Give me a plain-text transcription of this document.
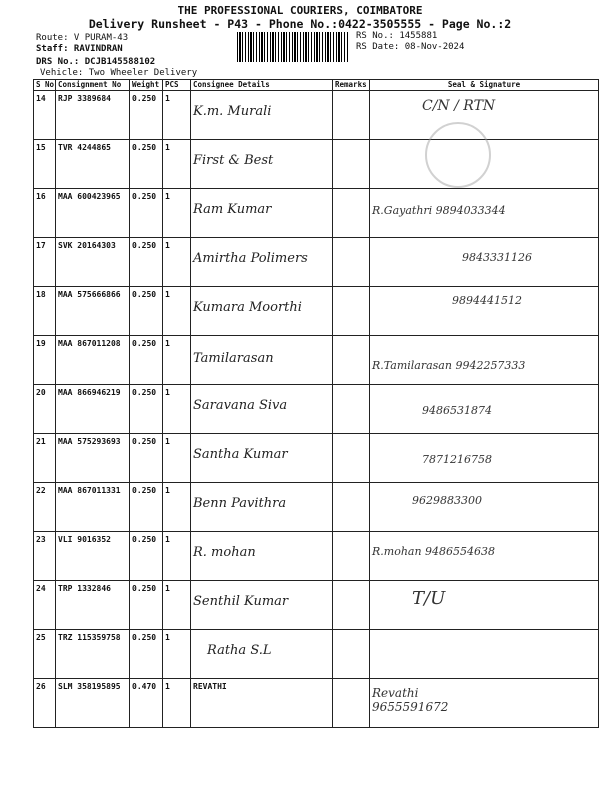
THE PROFESSIONAL COURIERS, COIMBATORE
Delivery Runsheet - P43 - Phone No.:0422-3505555 - Page No.:2
Route: V PURAM-43
Staff: RAVINDRAN
DRS No.: DCJB145588102
Vehicle: Two Wheeler Delivery
RS No.: 1455881
RS Date: 08-Nov-2024
S No	Consignment No	Weight	PCS	Consignee Details	Remarks	Seal & Signature
14	RJP 3389684	0.250	1	K.m. Murali		C/N / RTN

15	TVR 4244865	0.250	1	First & Best		

16	MAA 600423965	0.250	1	Ram Kumar		R.Gayathri 9894033344

17	SVK 20164303	0.250	1	Amirtha Polimers		9843331126

18	MAA 575666866	0.250	1	Kumara Moorthi		9894441512

19	MAA 867011208	0.250	1	Tamilarasan		R.Tamilarasan 9942257333

20	MAA 866946219	0.250	1	Saravana Siva		9486531874

21	MAA 575293693	0.250	1	Santha Kumar		7871216758

22	MAA 867011331	0.250	1	Benn Pavithra		9629883300

23	VLI 9016352	0.250	1	R. mohan		R.mohan 9486554638

24	TRP 1332846	0.250	1	Senthil Kumar		T/U

25	TRZ 115359758	0.250	1	Ratha S.L		

26	SLM 358195895	0.470	1	REVATHI		Revathi 9655591672
